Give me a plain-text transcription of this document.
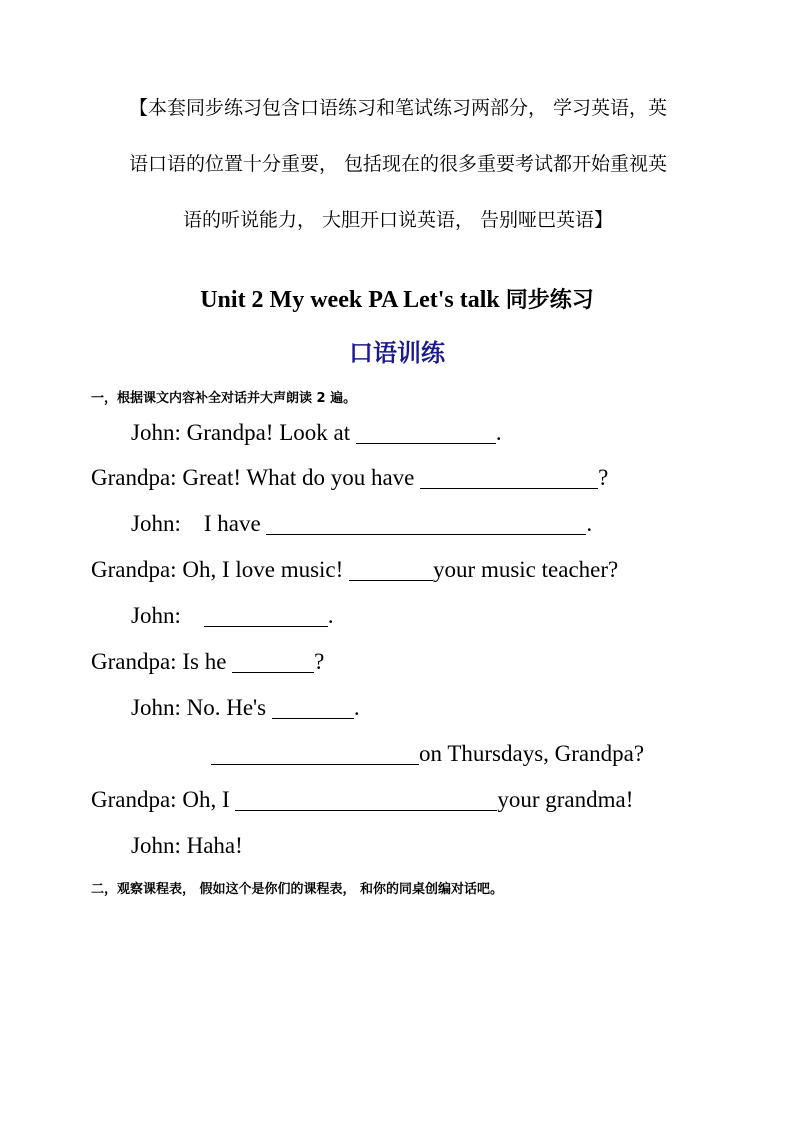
【本套同步练习包含口语练习和笔试练习两部分， 学习英语，英
语口语的位置十分重要， 包括现在的很多重要考试都开始重视英
语的听说能力， 大胆开口说英语， 告别哑巴英语】
Unit 2 My week PA Let's talk 同步练习
口语训练
一，根据课文内容补全对话并大声朗读 2 遍。
John: Grandpa! Look at	.
Grandpa: Great! What do you have	?
John:    I have	.
Grandpa: Oh, I love music!	your music teacher?
John:	.
Grandpa: Is he	?
John: No. He's	.
on Thursdays, Grandpa?
Grandpa: Oh, I	your grandma!
John: Haha!
二，观察课程表， 假如这个是你们的课程表， 和你的同桌创编对话吧。
